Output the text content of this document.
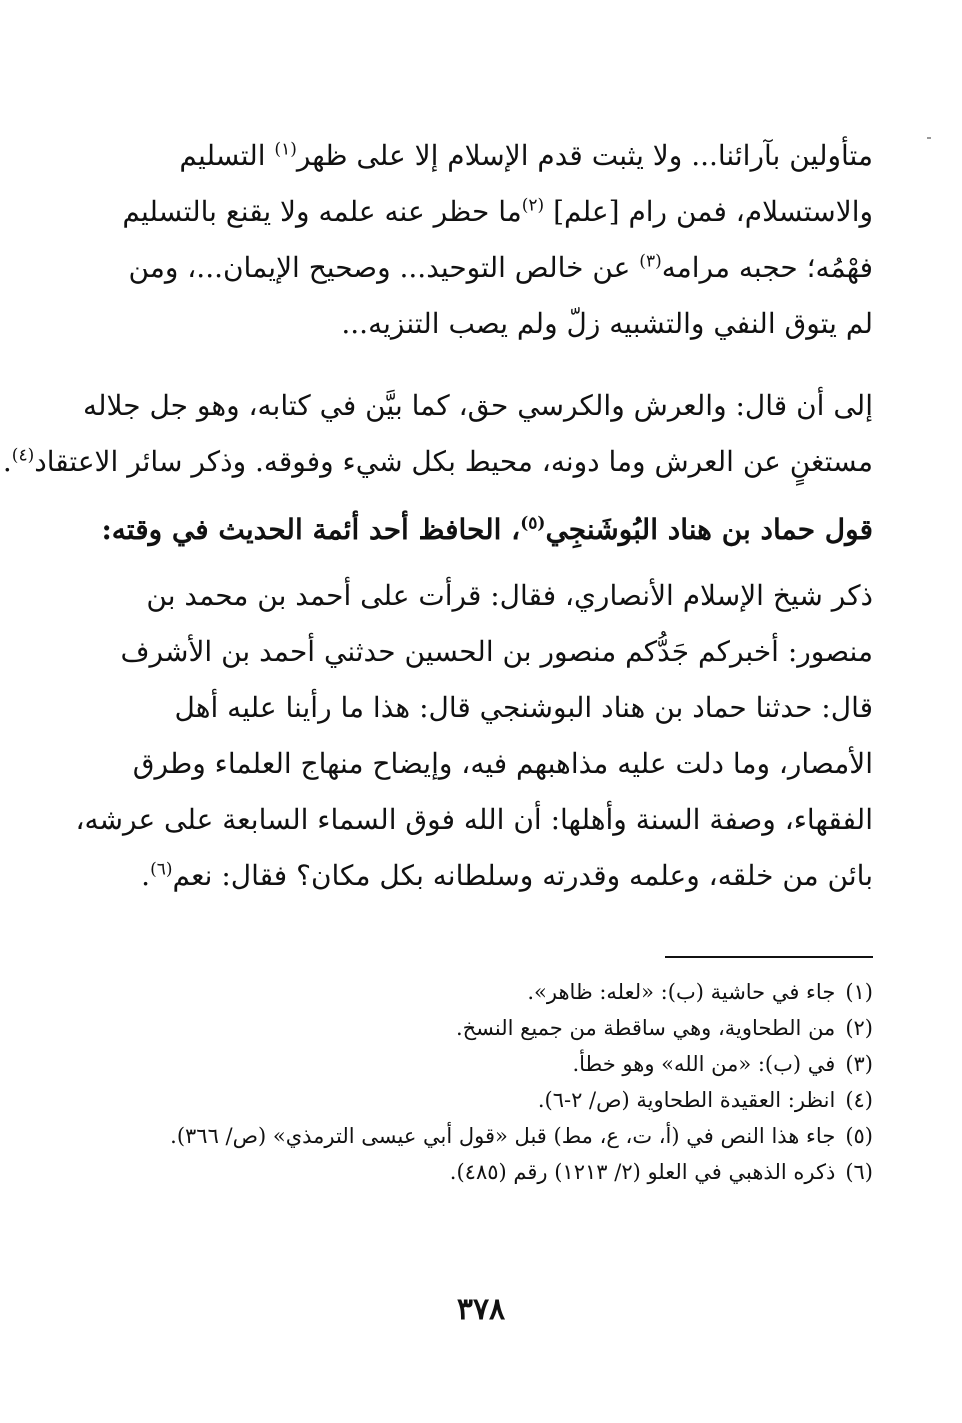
متأولين بآرائنا... ولا يثبت قدم الإسلام إلا على ظهر$^{(١)}$ التسليم
والاستسلام، فمن رام [علم] $^{(٢)}$ما حظر عنه علمه ولا يقنع بالتسليم
فهْمُه؛ حجبه مرامه$^{(٣)}$ عن خالص التوحيد... وصحيح الإيمان...، ومن
لم يتوق النفي والتشبيه زلّ ولم يصب التنزيه...
إلى أن قال: والعرش والكرسي حق، كما بيَّن في كتابه، وهو جل جلاله
مستغنٍ عن العرش وما دونه، محيط بكل شيء وفوقه. وذكر سائر الاعتقاد$^{(٤)}$.
قول حماد بن هناد البُوشَنجِي$^{(٥)}$، الحافظ أحد أئمة الحديث في وقته:
ذكر شيخ الإسلام الأنصاري، فقال: قرأت على أحمد بن محمد بن
منصور: أخبركم جَدُّكم منصور بن الحسين حدثني أحمد بن الأشرف
قال: حدثنا حماد بن هناد البوشنجي قال: هذا ما رأينا عليه أهل
الأمصار، وما دلت عليه مذاهبهم فيه، وإيضاح منهاج العلماء وطرق
الفقهاء، وصفة السنة وأهلها: أن الله فوق السماء السابعة على عرشه،
بائن من خلقه، وعلمه وقدرته وسلطانه بكل مكان؟ فقال: نعم$^{(٦)}$.
(١)جاء في حاشية (ب): «لعله: ظاهر».
(٢)من الطحاوية، وهي ساقطة من جميع النسخ.
(٣)في (ب): «من الله» وهو خطأ.
(٤)انظر: العقيدة الطحاوية (ص/ ٢-٦).
(٥)جاء هذا النص في (أ، ت، ع، مط) قبل «قول أبي عيسى الترمذي» (ص/ ٣٦٦).
(٦)ذكره الذهبي في العلو (٢/ ١٢١٣) رقم (٤٨٥).
٣٧٨
